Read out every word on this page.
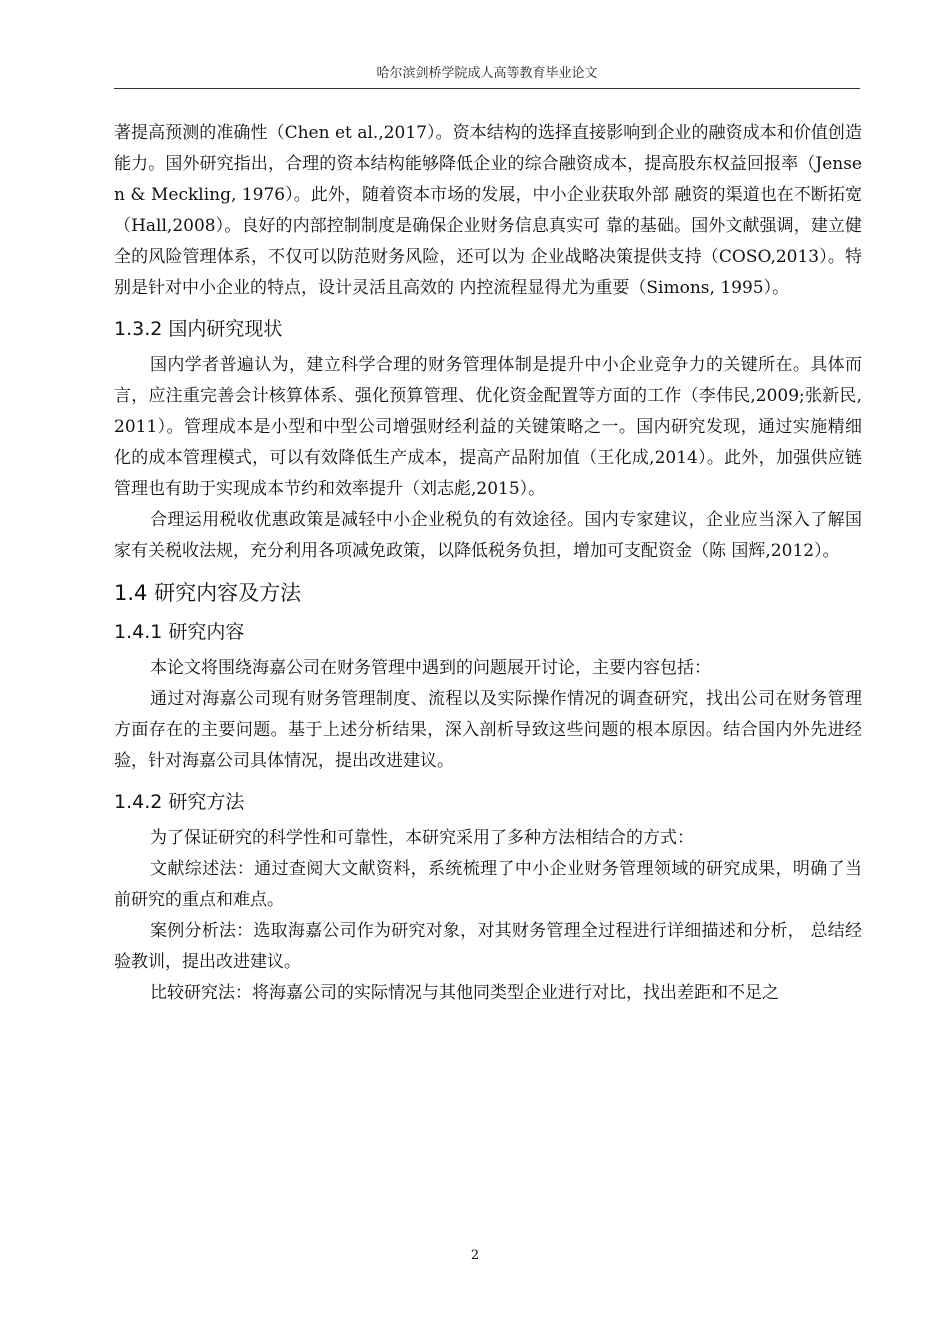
哈尔滨剑桥学院成人高等教育毕业论文

著提高预测的准确性（Chen et al.,2017）。资本结构的选择直接影响到企业的融资成本和价值创造能力。国外研究指出，合理的资本结构能够降低企业的综合融资成本，提高股东权益回报率（Jensen & Meckling, 1976）。此外，随着资本市场的发展，中小企业获取外部 融资的渠道也在不断拓宽（Hall,2008）。良好的内部控制制度是确保企业财务信息真实可 靠的基础。国外文献强调，建立健全的风险管理体系，不仅可以防范财务风险，还可以为 企业战略决策提供支持（COSO,2013）。特别是针对中小企业的特点，设计灵活且高效的 内控流程显得尤为重要（Simons, 1995）。

1.3.2 国内研究现状

国内学者普遍认为，建立科学合理的财务管理体制是提升中小企业竞争力的关键所在。具体而言，应注重完善会计核算体系、强化预算管理、优化资金配置等方面的工作（李伟民,2009;张新民,2011）。管理成本是小型和中型公司增强财经利益的关键策略之一。国内研究发现，通过实施精细化的成本管理模式，可以有效降低生产成本，提高产品附加值（王化成,2014）。此外，加强供应链管理也有助于实现成本节约和效率提升（刘志彪,2015）。

合理运用税收优惠政策是减轻中小企业税负的有效途径。国内专家建议，企业应当深入了解国家有关税收法规，充分利用各项减免政策，以降低税务负担，增加可支配资金（陈 国辉,2012）。

1.4 研究内容及方法
1.4.1 研究内容

本论文将围绕海嘉公司在财务管理中遇到的问题展开讨论，主要内容包括：

通过对海嘉公司现有财务管理制度、流程以及实际操作情况的调查研究，找出公司在财务管理方面存在的主要问题。基于上述分析结果，深入剖析导致这些问题的根本原因。结合国内外先进经验，针对海嘉公司具体情况，提出改进建议。

1.4.2 研究方法

为了保证研究的科学性和可靠性，本研究采用了多种方法相结合的方式：

文献综述法：通过查阅大文献资料，系统梳理了中小企业财务管理领域的研究成果，明确了当前研究的重点和难点。

案例分析法：选取海嘉公司作为研究对象，对其财务管理全过程进行详细描述和分析， 总结经验教训，提出改进建议。

比较研究法：将海嘉公司的实际情况与其他同类型企业进行对比，找出差距和不足之

2
